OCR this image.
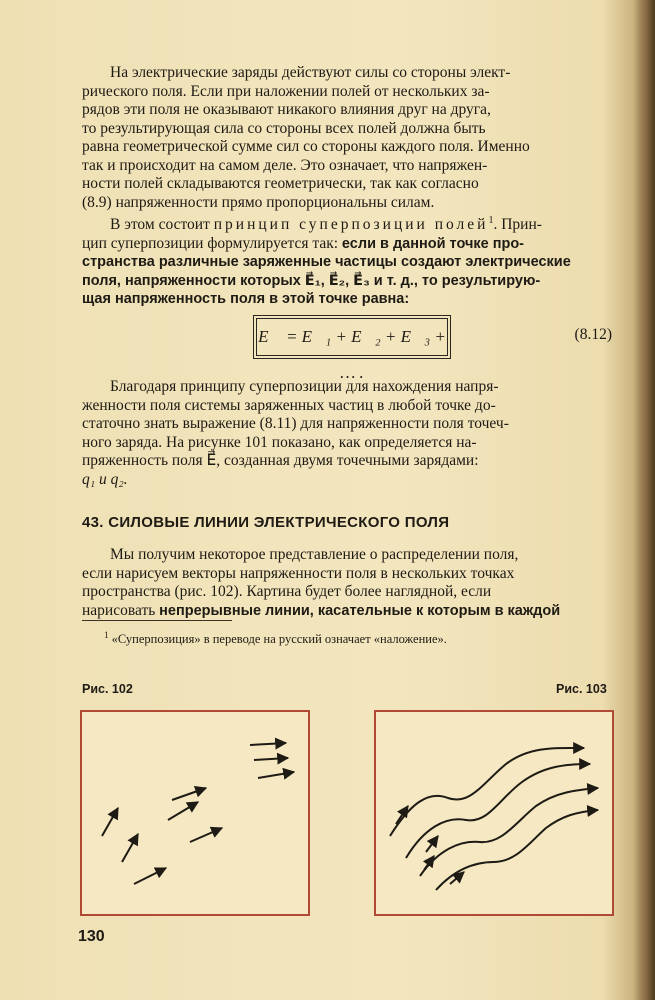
На электрические заряды действуют силы со стороны элект-

рического поля. Если при наложении полей от нескольких за-

рядов эти поля не оказывают никакого влияния друг на друга,

то результирующая сила со стороны всех полей должна быть

равна геометрической сумме сил со стороны каждого поля. Именно

так и происходит на самом деле. Это означает, что напряжен-

ности полей складываются геометрически, так как согласно

(8.9) напряженности прямо пропорциональны силам.

В этом состоит принцип суперпозиции полей$^1$. Прин-

цип суперпозиции формулируется так: если в данной точке про-

странства различные заряженные частицы создают электрические

поля, напряженности которых E⃗₁, E⃗₂, E⃗₃ и т. д., то результирую-

щая напряженность поля в этой точке равна:

E⃗ = E⃗₁ + E⃗₂ + E⃗₃ + … .
(8.12)

Благодаря принципу суперпозиции для нахождения напря-

женности поля системы заряженных частиц в любой точке до-

статочно знать выражение (8.11) для напряженности поля точеч-

ного заряда. На рисунке 101 показано, как определяется на-

пряженность поля E⃗, созданная двумя точечными зарядами:

q₁ и q₂.

43. СИЛОВЫЕ ЛИНИИ ЭЛЕКТРИЧЕСКОГО ПОЛЯ

Мы получим некоторое представление о распределении поля,

если нарисуем векторы напряженности поля в нескольких точках

пространства (рис. 102). Картина будет более наглядной, если

нарисовать непрерывные линии, касательные к которым в каждой

$^1$ «Суперпозиция» в переводе на русский означает «наложение».
Рис. 102	Рис. 103
130
